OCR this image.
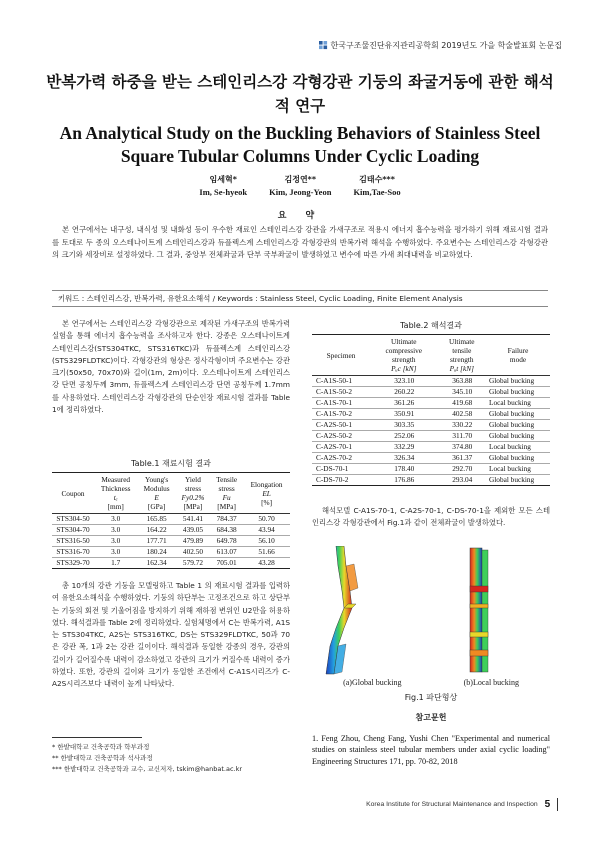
한국구조물진단유지관리공학회 2019년도 가을 학술발표회 논문집
반복가력 하중을 받는 스테인리스강 각형강관 기둥의 좌굴거동에 관한 해석적 연구
An Analytical Study on the Buckling Behaviors of Stainless Steel Square Tubular Columns Under Cyclic Loading
임세혁*
Im, Se-hyeok
김정연**
Kim, Jeong-Yeon
김태수***
Kim,Tae-Soo
요 약
본 연구에서는 내구성, 내식성 및 내화성 등이 우수한 재료인 스테인리스강 강관을 가새구조로 적용시 에너지 흡수능력을 평가하기 위해 재료시험 결과를 토대로 두 종의 오스테나이트계 스테인리스강과 듀플렉스계 스테인리스강 각형강관의 반복가력 해석을 수행하였다. 주요변수는 스테인리스강 각형강관의 크기와 세장비로 설정하였다. 그 결과, 중앙부 전체좌굴과 단부 국부좌굴이 발생하였고 변수에 따른 가새 최대내력을 비교하였다.
키워드 : 스테인리스강, 반복가력, 유한요소해석 / Keywords : Stainless Steel, Cyclic Loading, Finite Element Analysis
본 연구에서는 스테인리스강 각형강관으로 제작된 가새구조의 반복가력 실험을 통해 에너지 흡수능력을 조사하고자 한다. 강종은 오스테나이트계 스테인리스강(STS304TKC, STS316TKC)과 듀플렉스계 스테인리스강(STS329FLDTKC)이다. 각형강관의 형상은 정사각형이며 주요변수는 강관크기(50x50, 70x70)와 길이(1m, 2m)이다. 오스테나이트계 스테인리스강 단면 공칭두께 3mm, 듀플렉스계 스테인리스강 단면 공칭두께 1.7mm를 사용하였다. 스테인리스강 각형강관의 단순인장 재료시험 결과를 Table 1에 정리하였다.
Table.1 재료시험 결과
Coupon	Measured
Thickness
tₑ
[mm]	Young's
Modulus
E
[GPa]	Yield
stress
Fy0.2%
[MPa]	Tensile
stress
Fu
[MPa]	Elongation
EL
[%]
STS304-50	3.0	165.85	541.41	784.37	50.70
STS304-70	3.0	164.22	439.05	684.38	43.94
STS316-50	3.0	177.71	479.89	649.78	56.10
STS316-70	3.0	180.24	402.50	613.07	51.66
STS329-70	1.7	162.34	579.72	705.01	43.28
총 10개의 강관 기둥을 모델링하고 Table 1 의 재료시험 결과를 입력하여 유한요소해석을 수행하였다. 기둥의 하단부는 고정조건으로 하고 상단부는 기둥의 회전 및 기울어짐을 방지하기 위해 재하점 변위인 U2만을 허용하였다. 해석결과를 Table 2에 정리하였다. 실험체명에서 C는 반복가력, A1S는 STS304TKC, A2S는 STS316TKC, DS는 STS329FLDTKC, 50과 70은 강관 폭, 1과 2는 강관 길이이다. 해석결과 동일한 강종의 경우, 강관의 길이가 길어질수록 내력이 감소하였고 강관의 크기가 커질수록 내력이 증가하였다. 또한, 강관의 길이와 크기가 동일한 조건에서 C-A1S시리즈가 C-A2S시리즈보다 내력이 높게 나타났다.
* 한밭대학교 건축공학과 학부과정
** 한밭대학교 건축공학과 석사과정
*** 한밭대학교 건축공학과 교수, 교신저자, tskim@hanbat.ac.kr
Table.2 해석결과
Specimen	Ultimate
compressive
strength
Pᵤc [kN]	Ultimate
tensile
strength
Pᵤt [kN]	Failure
mode
C-A1S-50-1	323.10	363.88	Global bucking
C-A1S-50-2	260.22	345.10	Global bucking
C-A1S-70-1	361.26	419.68	Local bucking
C-A1S-70-2	350.91	402.58	Global bucking
C-A2S-50-1	303.35	330.22	Global bucking
C-A2S-50-2	252.06	311.70	Global bucking
C-A2S-70-1	332.29	374.80	Local bucking
C-A2S-70-2	326.34	361.37	Global bucking
C-DS-70-1	178.40	292.70	Local bucking
C-DS-70-2	176.86	293.04	Global bucking
해석모델 C-A1S-70-1, C-A2S-70-1, C-DS-70-1을 제외한 모든 스테인리스강 각형강관에서 Fig.1과 같이 전체좌굴이 발생하였다.
(a)Global bucking	(b)Local bucking
Fig.1 파단형상
참고문헌
1. Feng Zhou, Cheng Fang, Yushi Chen "Experimental and numerical studies on stainless steel tubular members under axial cyclic loading" Engineering Structures 171, pp. 70-82, 2018
Korea Institute for Structural Maintenance and Inspection 5
